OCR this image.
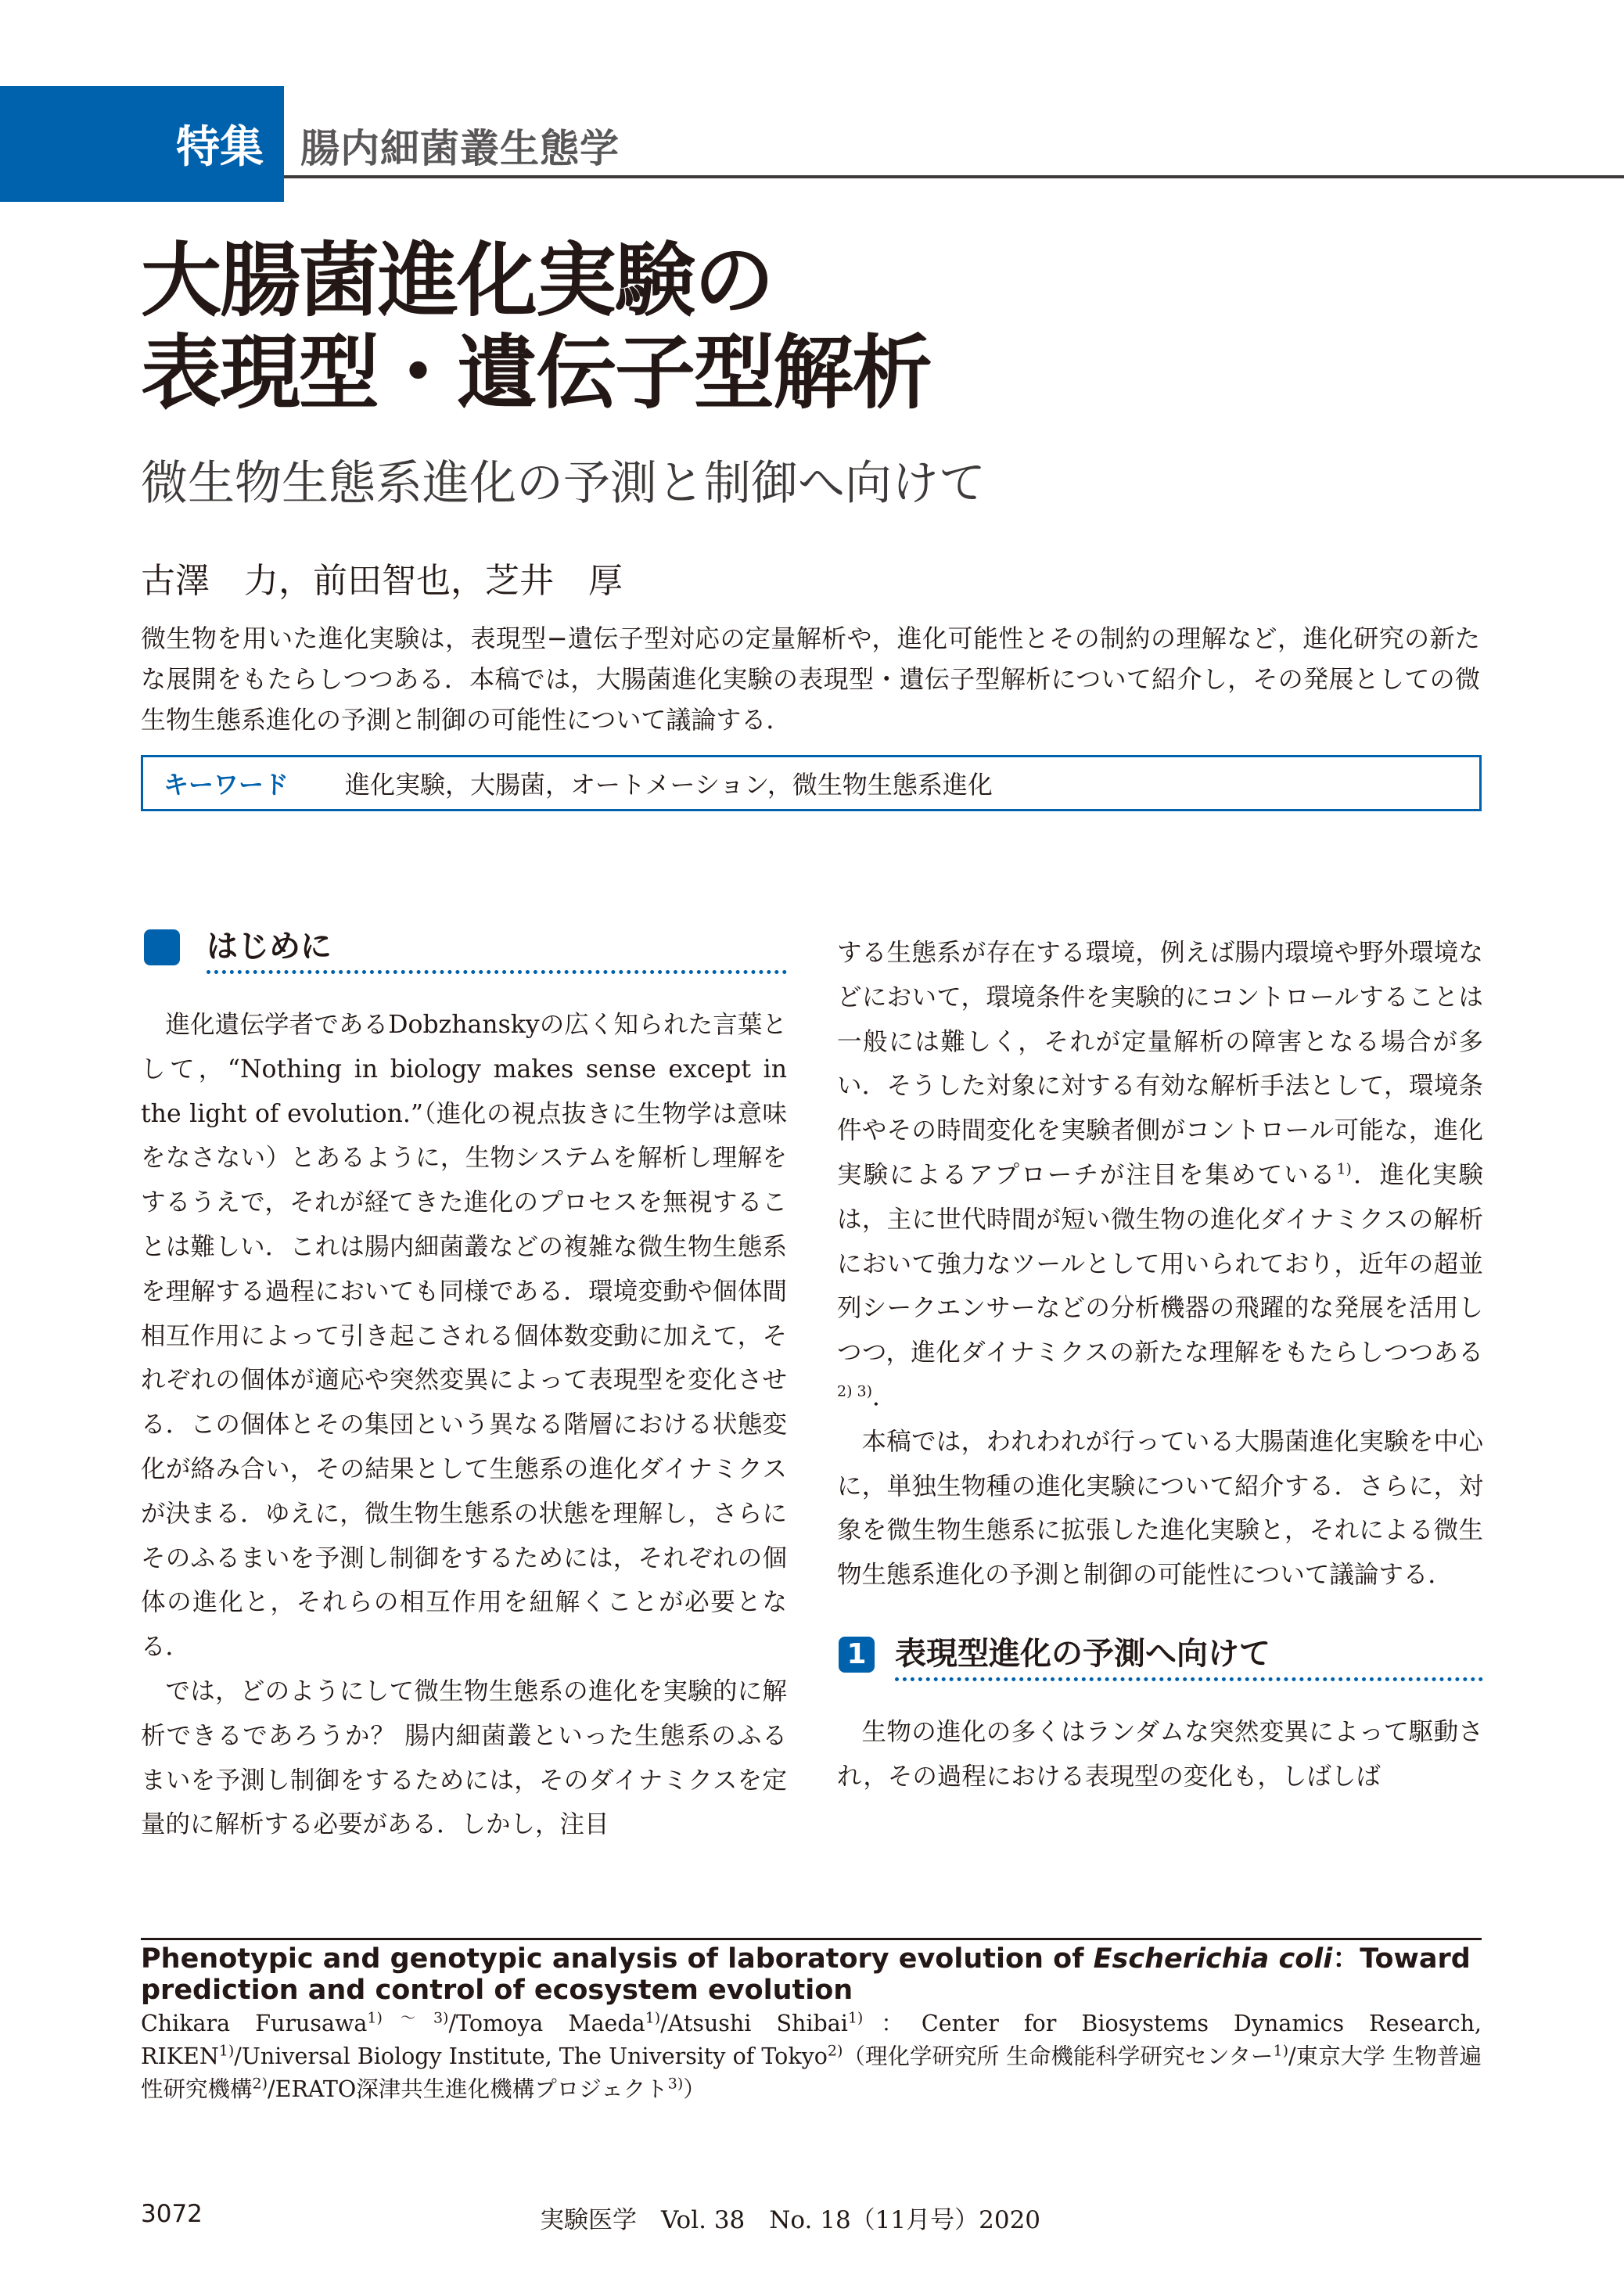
特集 腸内細菌叢生態学
大腸菌進化実験の
表現型・遺伝子型解析
微生物生態系進化の予測と制御へ向けて
古澤　力，前田智也，芝井　厚
微生物を用いた進化実験は，表現型−遺伝子型対応の定量解析や，進化可能性とその制約の理解など，進化研究の新たな展開をもたらしつつある．本稿では，大腸菌進化実験の表現型・遺伝子型解析について紹介し，その発展としての微生物生態系進化の予測と制御の可能性について議論する．
キーワード	進化実験，大腸菌，オートメーション，微生物生態系進化
はじめに

進化遺伝学者であるDobzhanskyの広く知られた言葉として，“Nothing in biology makes sense except in the light of evolution.”（進化の視点抜きに生物学は意味をなさない）とあるように，生物システムを解析し理解をするうえで，それが経てきた進化のプロセスを無視することは難しい．これは腸内細菌叢などの複雑な微生物生態系を理解する過程においても同様である．環境変動や個体間相互作用によって引き起こされる個体数変動に加えて，それぞれの個体が適応や突然変異によって表現型を変化させる．この個体とその集団という異なる階層における状態変化が絡み合い，その結果として生態系の進化ダイナミクスが決まる．ゆえに，微生物生態系の状態を理解し，さらにそのふるまいを予測し制御をするためには，それぞれの個体の進化と，それらの相互作用を紐解くことが必要となる．

では，どのようにして微生物生態系の進化を実験的に解析できるであろうか？ 腸内細菌叢といった生態系のふるまいを予測し制御をするためには，そのダイナミクスを定量的に解析する必要がある．しかし，注目

する生態系が存在する環境，例えば腸内環境や野外環境などにおいて，環境条件を実験的にコントロールすることは一般には難しく，それが定量解析の障害となる場合が多い．そうした対象に対する有効な解析手法として，環境条件やその時間変化を実験者側がコントロール可能な，進化実験によるアプローチが注目を集めている$^{1)}$．進化実験は，主に世代時間が短い微生物の進化ダイナミクスの解析において強力なツールとして用いられており，近年の超並列シークエンサーなどの分析機器の飛躍的な発展を活用しつつ，進化ダイナミクスの新たな理解をもたらしつつある$^{2) 3)}$．

本稿では，われわれが行っている大腸菌進化実験を中心に，単独生物種の進化実験について紹介する．さらに，対象を微生物生態系に拡張した進化実験と，それによる微生物生態系進化の予測と制御の可能性について議論する．

1 表現型進化の予測へ向けて

生物の進化の多くはランダムな突然変異によって駆動され，その過程における表現型の変化も，しばしば

Phenotypic and genotypic analysis of laboratory evolution of Escherichia coli：Toward prediction and control of ecosystem evolution
Chikara Furusawa$^{1)\sim 3)}$/Tomoya Maeda$^{1)}$/Atsushi Shibai$^{1)}$：Center for Biosystems Dynamics Research, RIKEN$^{1)}$/Universal Biology Institute, The University of Tokyo$^{2)}$（理化学研究所 生命機能科学研究センター$^{1)}$/東京大学 生物普遍性研究機構$^{2)}$/ERATO深津共生進化機構プロジェクト$^{3)}$）
3072	実験医学　Vol. 38　No. 18（11月号）2020
